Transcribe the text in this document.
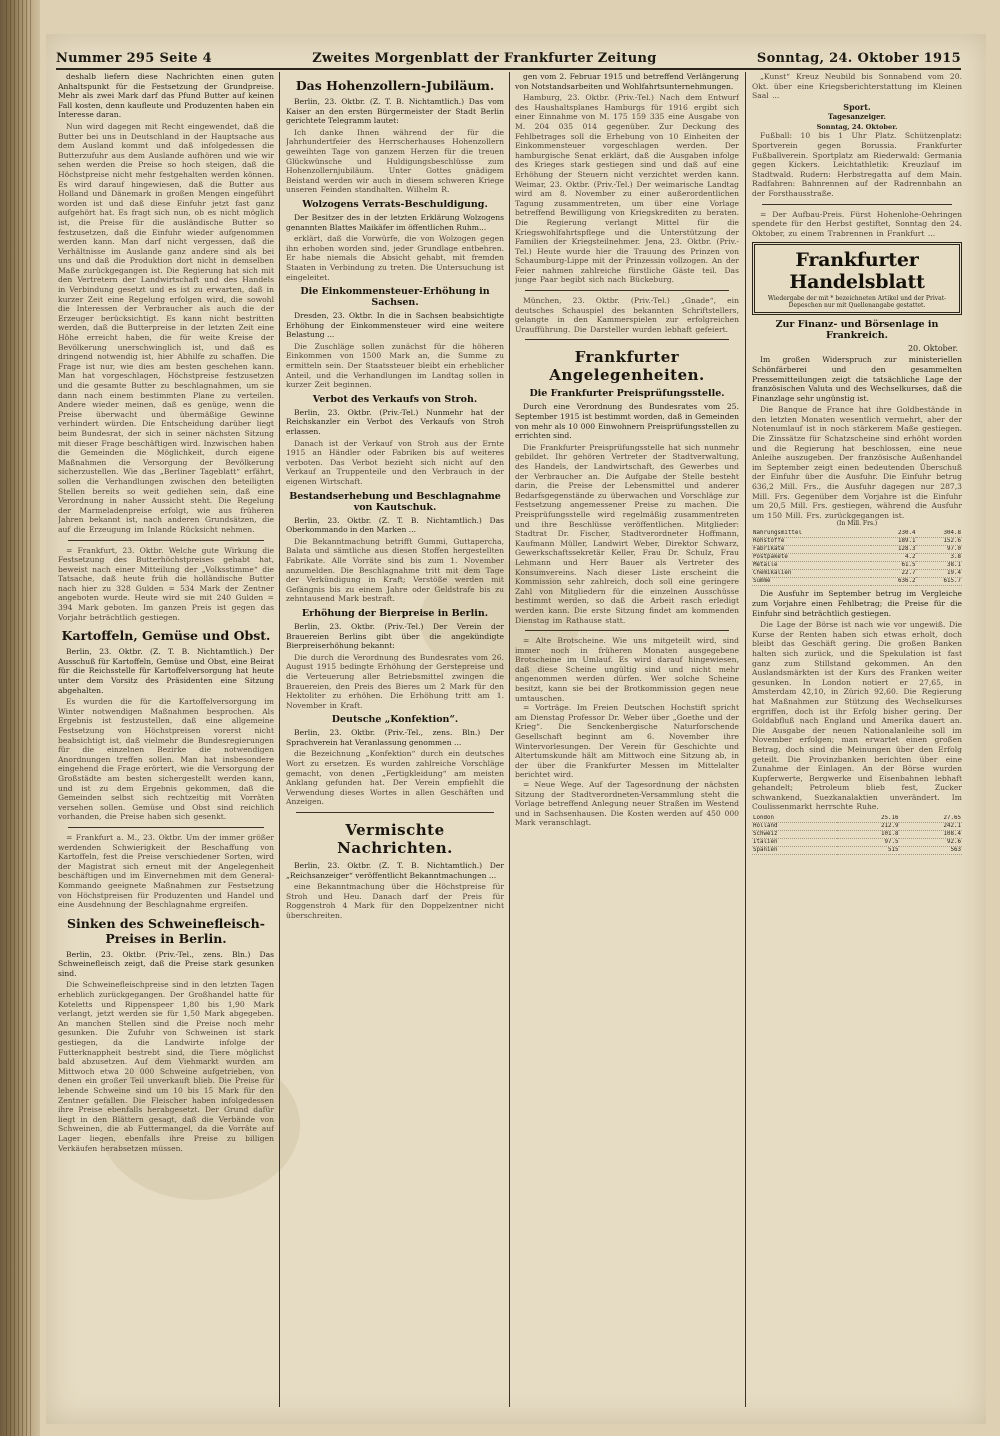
Nummer 295 Seite 4	Zweites Morgenblatt der Frankfurter Zeitung	Sonntag, 24. Oktober 1915

deshalb liefern diese Nachrichten einen guten Anhaltspunkt für die Festsetzung der Grundpreise. Mehr als zwei Mark darf das Pfund Butter auf keinen Fall kosten, denn kaufleute und Produzenten haben ein Interesse daran.

Nun wird dagegen mit Recht eingewendet, daß die Butter bei uns in Deutschland in der Hauptsache aus dem Ausland kommt und daß infolgedessen die Butterzufuhr aus dem Auslande aufhören und wie wir sehen werden die Preise so hoch steigen, daß die Höchstpreise nicht mehr festgehalten werden können. Es wird darauf hingewiesen, daß die Butter aus Holland und Dänemark in großen Mengen eingeführt worden ist und daß diese Einfuhr jetzt fast ganz aufgehört hat. Es fragt sich nun, ob es nicht möglich ist, die Preise für die ausländische Butter so festzusetzen, daß die Einfuhr wieder aufgenommen werden kann. Man darf nicht vergessen, daß die Verhältnisse im Auslande ganz andere sind als bei uns und daß die Produktion dort nicht in demselben Maße zurückgegangen ist. Die Regierung hat sich mit den Vertretern der Landwirtschaft und des Handels in Verbindung gesetzt und es ist zu erwarten, daß in kurzer Zeit eine Regelung erfolgen wird, die sowohl die Interessen der Verbraucher als auch die der Erzeuger berücksichtigt. Es kann nicht bestritten werden, daß die Butterpreise in der letzten Zeit eine Höhe erreicht haben, die für weite Kreise der Bevölkerung unerschwinglich ist, und daß es dringend notwendig ist, hier Abhilfe zu schaffen. Die Frage ist nur, wie dies am besten geschehen kann. Man hat vorgeschlagen, Höchstpreise festzusetzen und die gesamte Butter zu beschlagnahmen, um sie dann nach einem bestimmten Plane zu verteilen. Andere wieder meinen, daß es genüge, wenn die Preise überwacht und übermäßige Gewinne verhindert würden. Die Entscheidung darüber liegt beim Bundesrat, der sich in seiner nächsten Sitzung mit dieser Frage beschäftigen wird. Inzwischen haben die Gemeinden die Möglichkeit, durch eigene Maßnahmen die Versorgung der Bevölkerung sicherzustellen. Wie das „Berliner Tageblatt“ erfährt, sollen die Verhandlungen zwischen den beteiligten Stellen bereits so weit gediehen sein, daß eine Verordnung in naher Aussicht steht. Die Regelung der Marmeladenpreise erfolgt, wie aus früheren Jahren bekannt ist, nach anderen Grundsätzen, die auf die Erzeugung im Inlande Rücksicht nehmen.

= Frankfurt, 23. Oktbr. Welche gute Wirkung die Festsetzung des Butterhöchstpreises gehabt hat, beweist nach einer Mitteilung der „Volksstimme“ die Tatsache, daß heute früh die holländische Butter nach hier zu 328 Gulden = 534 Mark der Zentner angeboten wurde. Heute wird sie mit 240 Gulden = 394 Mark geboten. Im ganzen Preis ist gegen das Vorjahr beträchtlich gestiegen.

Kartoffeln, Gemüse und Obst.

Berlin, 23. Oktbr. (Z. T. B. Nichtamtlich.) Der Ausschuß für Kartoffeln, Gemüse und Obst, eine Beirat für die Reichsstelle für Kartoffelversorgung hat heute unter dem Vorsitz des Präsidenten eine Sitzung abgehalten.

Es wurden die für die Kartoffelversorgung im Winter notwendigen Maßnahmen besprochen. Als Ergebnis ist festzustellen, daß eine allgemeine Festsetzung von Höchstpreisen vorerst nicht beabsichtigt ist, daß vielmehr die Bundesregierungen für die einzelnen Bezirke die notwendigen Anordnungen treffen sollen. Man hat insbesondere eingehend die Frage erörtert, wie die Versorgung der Großstädte am besten sichergestellt werden kann, und ist zu dem Ergebnis gekommen, daß die Gemeinden selbst sich rechtzeitig mit Vorräten versehen sollen. Gemüse und Obst sind reichlich vorhanden, die Preise haben sich gesenkt.

= Frankfurt a. M., 23. Oktbr. Um der immer größer werdenden Schwierigkeit der Beschaffung von Kartoffeln, fest die Preise verschiedener Sorten, wird der Magistrat sich erneut mit der Angelegenheit beschäftigen und im Einvernehmen mit dem General-Kommando geeignete Maßnahmen zur Festsetzung von Höchstpreisen für Produzenten und Handel und eine Ausdehnung der Beschlagnahme ergreifen.

Sinken des Schweinefleisch-Preises in Berlin.

Berlin, 23. Oktbr. (Priv.-Tel., zens. Bln.) Das Schweinefleisch zeigt, daß die Preise stark gesunken sind.

Die Schweinefleischpreise sind in den letzten Tagen erheblich zurückgegangen. Der Großhandel hatte für Koteletts und Rippenspeer 1,80 bis 1,90 Mark verlangt, jetzt werden sie für 1,50 Mark abgegeben. An manchen Stellen sind die Preise noch mehr gesunken. Die Zufuhr von Schweinen ist stark gestiegen, da die Landwirte infolge der Futterknappheit bestrebt sind, die Tiere möglichst bald abzusetzen. Auf dem Viehmarkt wurden am Mittwoch etwa 20 000 Schweine aufgetrieben, von denen ein großer Teil unverkauft blieb. Die Preise für lebende Schweine sind um 10 bis 15 Mark für den Zentner gefallen. Die Fleischer haben infolgedessen ihre Preise ebenfalls herabgesetzt. Der Grund dafür liegt in den Blättern gesagt, daß die Verbände von Schweinen, die ab Futtermangel, da die Vorräte auf Lager liegen, ebenfalls ihre Preise zu billigen Verkäufen herabsetzen müssen.

Das Hohenzollern-Jubiläum.

Berlin, 23. Oktbr. (Z. T. B. Nichtamtlich.) Das vom Kaiser an den ersten Bürgermeister der Stadt Berlin gerichtete Telegramm lautet:

Ich danke Ihnen während der für die Jahrhundertfeier des Herrscherhauses Hohenzollern geweihten Tage von ganzem Herzen für die treuen Glückwünsche und Huldigungsbeschlüsse zum Hohenzollernjubiläum. Unter Gottes gnädigem Beistand werden wir auch in diesem schweren Kriege unseren Feinden standhalten. Wilhelm R.

Wolzogens Verrats-Beschuldigung.

Der Besitzer des in der letzten Erklärung Wolzogens genannten Blattes Maikäfer im öffentlichen Ruhm...

erklärt, daß die Vorwürfe, die von Wolzogen gegen ihn erhoben worden sind, jeder Grundlage entbehren. Er habe niemals die Absicht gehabt, mit fremden Staaten in Verbindung zu treten. Die Untersuchung ist eingeleitet.

Die Einkommensteuer-Erhöhung in Sachsen.

Dresden, 23. Oktbr. In die in Sachsen beabsichtigte Erhöhung der Einkommensteuer wird eine weitere Belastung ...

Die Zuschläge sollen zunächst für die höheren Einkommen von 1500 Mark an, die Summe zu ermitteln sein. Der Staatssteuer bleibt ein erheblicher Anteil, und die Verhandlungen im Landtag sollen in kurzer Zeit beginnen.

Verbot des Verkaufs von Stroh.

Berlin, 23. Oktbr. (Priv.-Tel.) Nunmehr hat der Reichskanzler ein Verbot des Verkaufs von Stroh erlassen.

Danach ist der Verkauf von Stroh aus der Ernte 1915 an Händler oder Fabriken bis auf weiteres verboten. Das Verbot bezieht sich nicht auf den Verkauf an Truppenteile und den Verbrauch in der eigenen Wirtschaft.

Bestandserhebung und Beschlagnahme von Kautschuk.

Berlin, 23. Oktbr. (Z. T. B. Nichtamtlich.) Das Oberkommando in den Marken ...

Die Bekanntmachung betrifft Gummi, Guttapercha, Balata und sämtliche aus diesen Stoffen hergestellten Fabrikate. Alle Vorräte sind bis zum 1. November anzumelden. Die Beschlagnahme tritt mit dem Tage der Verkündigung in Kraft; Verstöße werden mit Gefängnis bis zu einem Jahre oder Geldstrafe bis zu zehntausend Mark bestraft.

Erhöhung der Bierpreise in Berlin.

Berlin, 23. Oktbr. (Priv.-Tel.) Der Verein der Brauereien Berlins gibt über die angekündigte Bierpreiserhöhung bekannt:

Die durch die Verordnung des Bundesrates vom 26. August 1915 bedingte Erhöhung der Gerstepreise und die Verteuerung aller Betriebsmittel zwingen die Brauereien, den Preis des Bieres um 2 Mark für den Hektoliter zu erhöhen. Die Erhöhung tritt am 1. November in Kraft.

Deutsche „Konfektion“.

Berlin, 23. Oktbr. (Priv.-Tel., zens. Bln.) Der Sprachverein hat Veranlassung genommen ...

die Bezeichnung „Konfektion“ durch ein deutsches Wort zu ersetzen. Es wurden zahlreiche Vorschläge gemacht, von denen „Fertigkleidung“ am meisten Anklang gefunden hat. Der Verein empfiehlt die Verwendung dieses Wortes in allen Geschäften und Anzeigen.

Vermischte Nachrichten.

Berlin, 23. Oktbr. (Z. T. B. Nichtamtlich.) Der „Reichsanzeiger“ veröffentlicht Bekanntmachungen ...

eine Bekanntmachung über die Höchstpreise für Stroh und Heu. Danach darf der Preis für Roggenstroh 4 Mark für den Doppelzentner nicht überschreiten.

gen vom 2. Februar 1915 und betreffend Verlängerung von Notstandsarbeiten und Wohlfahrtsunternehmungen.

Hamburg, 23. Oktbr. (Priv.-Tel.) Nach dem Entwurf des Haushaltsplanes Hamburgs für 1916 ergibt sich einer Einnahme von M. 175 159 335 eine Ausgabe von M. 204 035 014 gegenüber. Zur Deckung des Fehlbetrages soll die Erhebung von 10 Einheiten der Einkommensteuer vorgeschlagen werden. Der hamburgische Senat erklärt, daß die Ausgaben infolge des Krieges stark gestiegen sind und daß auf eine Erhöhung der Steuern nicht verzichtet werden kann. Weimar, 23. Oktbr. (Priv.-Tel.) Der weimarische Landtag wird am 8. November zu einer außerordentlichen Tagung zusammentreten, um über eine Vorlage betreffend Bewilligung von Kriegskrediten zu beraten. Die Regierung verlangt Mittel für die Kriegswohlfahrtspflege und die Unterstützung der Familien der Kriegsteilnehmer. Jena, 23. Oktbr. (Priv.-Tel.) Heute wurde hier die Trauung des Prinzen von Schaumburg-Lippe mit der Prinzessin vollzogen. An der Feier nahmen zahlreiche fürstliche Gäste teil. Das junge Paar begibt sich nach Bückeburg.

München, 23. Oktbr. (Priv.-Tel.) „Gnade“, ein deutsches Schauspiel des bekannten Schriftstellers, gelangte in den Kammerspielen zur erfolgreichen Uraufführung. Die Darsteller wurden lebhaft gefeiert.

Frankfurter Angelegenheiten.
Die Frankfurter Preisprüfungsstelle.

Durch eine Verordnung des Bundesrates vom 25. September 1915 ist bestimmt worden, daß in Gemeinden von mehr als 10 000 Einwohnern Preisprüfungsstellen zu errichten sind.

Die Frankfurter Preisprüfungsstelle hat sich nunmehr gebildet. Ihr gehören Vertreter der Stadtverwaltung, des Handels, der Landwirtschaft, des Gewerbes und der Verbraucher an. Die Aufgabe der Stelle besteht darin, die Preise der Lebensmittel und anderer Bedarfsgegenstände zu überwachen und Vorschläge zur Festsetzung angemessener Preise zu machen. Die Preisprüfungsstelle wird regelmäßig zusammentreten und ihre Beschlüsse veröffentlichen. Mitglieder: Stadtrat Dr. Fischer, Stadtverordneter Hoffmann, Kaufmann Müller, Landwirt Weber, Direktor Schwarz, Gewerkschaftssekretär Keller, Frau Dr. Schulz, Frau Lehmann und Herr Bauer als Vertreter des Konsumvereins. Nach dieser Liste erscheint die Kommission sehr zahlreich, doch soll eine geringere Zahl von Mitgliedern für die einzelnen Ausschüsse bestimmt werden, so daß die Arbeit rasch erledigt werden kann. Die erste Sitzung findet am kommenden Dienstag im Rathause statt.

= Alte Brotscheine. Wie uns mitgeteilt wird, sind immer noch in früheren Monaten ausgegebene Brotscheine im Umlauf. Es wird darauf hingewiesen, daß diese Scheine ungültig sind und nicht mehr angenommen werden dürfen. Wer solche Scheine besitzt, kann sie bei der Brotkommission gegen neue umtauschen.

= Vorträge. Im Freien Deutschen Hochstift spricht am Dienstag Professor Dr. Weber über „Goethe und der Krieg“. Die Senckenbergische Naturforschende Gesellschaft beginnt am 6. November ihre Wintervorlesungen. Der Verein für Geschichte und Altertumskunde hält am Mittwoch eine Sitzung ab, in der über die Frankfurter Messen im Mittelalter berichtet wird.

= Neue Wege. Auf der Tagesordnung der nächsten Sitzung der Stadtverordneten-Versammlung steht die Vorlage betreffend Anlegung neuer Straßen im Westend und in Sachsenhausen. Die Kosten werden auf 450 000 Mark veranschlagt.

„Kunst“ Kreuz Neubild bis Sonnabend vom 20. Okt. über eine Kriegsberichterstattung im Kleinen Saal ...

Sport.
Tagesanzeiger.
Sonntag, 24. Oktober.

Fußball: 10 bis 1 Uhr Platz. Schützenplatz: Sportverein gegen Borussia. Frankfurter Fußballverein. Sportplatz am Riederwald: Germania gegen Kickers. Leichtathletik: Kreuzlauf im Stadtwald. Rudern: Herbstregatta auf dem Main. Radfahren: Bahnrennen auf der Radrennbahn an der Forsthausstraße.

= Der Aufbau-Preis. Fürst Hohenlohe-Oehringen spendete für den Herbst gestiftet, Sonntag den 24. Oktober, zu einem Trabrennen in Frankfurt ...

Frankfurter Handelsblatt
Wiedergabe der mit * bezeichneten Artikel und der Privat-Depeschen nur mit Quellenangabe gestattet.
Zur Finanz- und Börsenlage in Frankreich.
20. Oktober.

Im großen Widerspruch zur ministeriellen Schönfärberei und den gesammelten Pressemitteilungen zeigt die tatsächliche Lage der französischen Valuta und des Wechselkurses, daß die Finanzlage sehr ungünstig ist.

Die Banque de France hat ihre Goldbestände in den letzten Monaten wesentlich vermehrt, aber der Notenumlauf ist in noch stärkerem Maße gestiegen. Die Zinssätze für Schatzscheine sind erhöht worden und die Regierung hat beschlossen, eine neue Anleihe auszugeben. Der französische Außenhandel im September zeigt einen bedeutenden Überschuß der Einfuhr über die Ausfuhr. Die Einfuhr betrug 636,2 Mill. Frs., die Ausfuhr dagegen nur 287,3 Mill. Frs. Gegenüber dem Vorjahre ist die Einfuhr um 20,5 Mill. Frs. gestiegen, während die Ausfuhr um 150 Mill. Frs. zurückgegangen ist.

(In Mill. Frs.)
Nahrungsmittel	230.4	304.8
Rohstoffe	189.1	152.6
Fabrikate	128.3	97.0
Postpakete	4.2	3.8
Metalle	61.5	38.1
Chemikalien	22.7	19.4
Summe	636.2	615.7

Die Ausfuhr im September betrug im Vergleiche zum Vorjahre einen Fehlbetrag; die Preise für die Einfuhr sind beträchtlich gestiegen.

Die Lage der Börse ist nach wie vor ungewiß. Die Kurse der Renten haben sich etwas erholt, doch bleibt das Geschäft gering. Die großen Banken halten sich zurück, und die Spekulation ist fast ganz zum Stillstand gekommen. An den Auslandsmärkten ist der Kurs des Franken weiter gesunken. In London notiert er 27,65, in Amsterdam 42,10, in Zürich 92,60. Die Regierung hat Maßnahmen zur Stützung des Wechselkurses ergriffen, doch ist ihr Erfolg bisher gering. Der Goldabfluß nach England und Amerika dauert an. Die Ausgabe der neuen Nationalanleihe soll im November erfolgen; man erwartet einen großen Betrag, doch sind die Meinungen über den Erfolg geteilt. Die Provinzbanken berichten über eine Zunahme der Einlagen. An der Börse wurden Kupferwerte, Bergwerke und Eisenbahnen lebhaft gehandelt; Petroleum blieb fest, Zucker schwankend, Suezkanalaktien unverändert. Im Coulissenmarkt herrschte Ruhe.

London	25.16	27.65
Holland	212.9	242.1
Schweiz	101.8	108.4
Italien	97.5	92.6
Spanien	515	563
